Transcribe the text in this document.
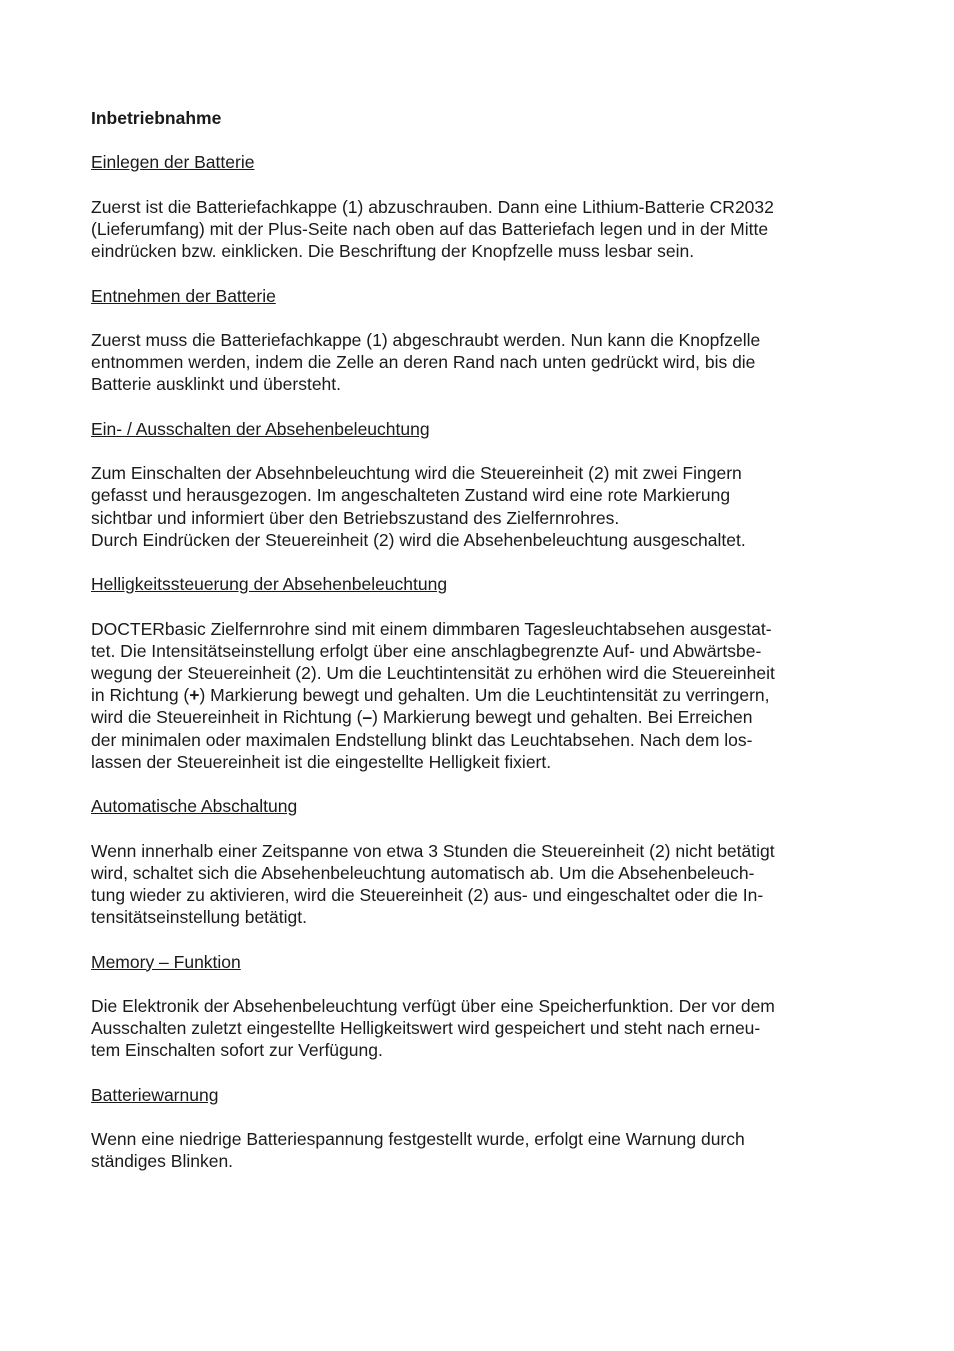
Inbetriebnahme
Einlegen der Batterie

Zuerst ist die Batteriefachkappe (1) abzuschrauben. Dann eine Lithium-Batterie CR2032
(Lieferumfang) mit der Plus-Seite nach oben auf das Batteriefach legen und in der Mitte
eindrücken bzw. einklicken. Die Beschriftung der Knopfzelle muss lesbar sein.

Entnehmen der Batterie

Zuerst muss die Batteriefachkappe (1) abgeschraubt werden. Nun kann die Knopfzelle
entnommen werden, indem die Zelle an deren Rand nach unten gedrückt wird, bis die
Batterie ausklinkt und übersteht.

Ein- / Ausschalten der Absehenbeleuchtung

Zum Einschalten der Absehnbeleuchtung wird die Steuereinheit (2) mit zwei Fingern
gefasst und herausgezogen. Im angeschalteten Zustand wird eine rote Markierung
sichtbar und informiert über den Betriebszustand des Zielfernrohres.
Durch Eindrücken der Steuereinheit (2) wird die Absehenbeleuchtung ausgeschaltet.

Helligkeitssteuerung der Absehenbeleuchtung

DOCTERbasic Zielfernrohre sind mit einem dimmbaren Tagesleuchtabsehen ausgestat-
tet. Die Intensitätseinstellung erfolgt über eine anschlagbegrenzte Auf- und Abwärtsbe-
wegung der Steuereinheit (2). Um die Leuchtintensität zu erhöhen wird die Steuereinheit
in Richtung (+) Markierung bewegt und gehalten. Um die Leuchtintensität zu verringern,
wird die Steuereinheit in Richtung (–) Markierung bewegt und gehalten. Bei Erreichen
der minimalen oder maximalen Endstellung blinkt das Leuchtabsehen. Nach dem los-
lassen der Steuereinheit ist die eingestellte Helligkeit fixiert.

Automatische Abschaltung

Wenn innerhalb einer Zeitspanne von etwa 3 Stunden die Steuereinheit (2) nicht betätigt
wird, schaltet sich die Absehenbeleuchtung automatisch ab. Um die Absehenbeleuch-
tung wieder zu aktivieren, wird die Steuereinheit (2) aus- und eingeschaltet oder die In-
tensitätseinstellung betätigt.

Memory – Funktion

Die Elektronik der Absehenbeleuchtung verfügt über eine Speicherfunktion. Der vor dem
Ausschalten zuletzt eingestellte Helligkeitswert wird gespeichert und steht nach erneu-
tem Einschalten sofort zur Verfügung.

Batteriewarnung

Wenn eine niedrige Batteriespannung festgestellt wurde, erfolgt eine Warnung durch
ständiges Blinken.
